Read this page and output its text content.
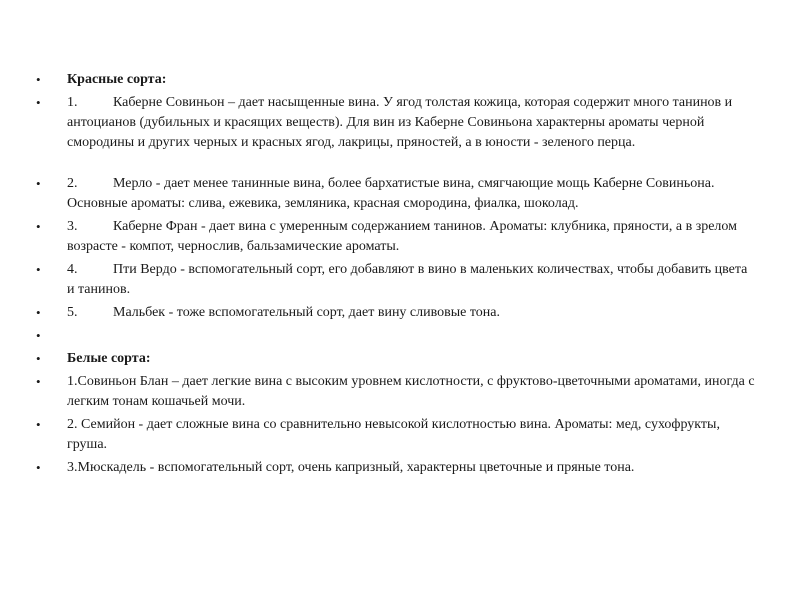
• Красные сорта:
• 1.	Каберне Совиньон – дает насыщенные вина. У ягод толстая кожица, которая содержит много танинов и антоцианов (дубильных и красящих веществ). Для вин из Каберне Совиньона характерны ароматы черной смородины и других черных и красных ягод, лакрицы, пряностей, а в юности - зеленого перца.
• 2.	Мерло - дает менее танинные вина, более бархатистые вина, смягчающие мощь Каберне Совиньона. Основные ароматы: слива, ежевика, земляника, красная смородина, фиалка, шоколад.
• 3.	Каберне Фран - дает вина с умеренным содержанием танинов. Ароматы: клубника, пряности, а в зрелом возрасте - компот, чернослив, бальзамические ароматы.
• 4.	Пти Вердо - вспомогательный сорт, его добавляют в вино в маленьких количествах, чтобы добавить цвета и танинов.
• 5.	Мальбек - тоже вспомогательный сорт, дает вину сливовые тона.
•
• Белые сорта:
• 1.Совиньон Блан – дает легкие вина с высоким уровнем кислотности, с фруктово-цветочными ароматами, иногда с легким тонам кошачьей мочи.
• 2. Семийон - дает сложные вина со сравнительно невысокой кислотностью вина. Ароматы: мед, сухофрукты, груша.
• 3.Мюскадель - вспомогательный сорт, очень капризный, характерны цветочные и пряные тона.
